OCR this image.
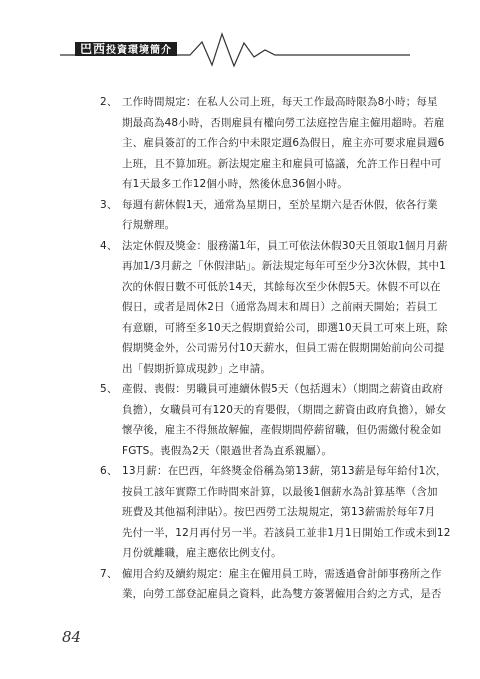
巴西投資環境簡介
2、 工作時間規定：在私人公司上班，每天工作最高時限為8小時；每星
期最高為48小時，否則雇員有權向勞工法庭控告雇主僱用超時。若雇
主、雇員簽訂的工作合約中未限定週6為假日，雇主亦可要求雇員週6
上班，且不算加班。新法規定雇主和雇員可協議，允許工作日程中可
有1天最多工作12個小時，然後休息36個小時。
3、 每週有薪休假1天，通常為星期日，至於星期六是否休假，依各行業
行規辦理。
4、 法定休假及獎金：服務滿1年，員工可依法休假30天且領取1個月月薪
再加1/3月薪之「休假津貼」。新法規定每年可至少分3次休假，其中1
次的休假日數不可低於14天，其餘每次至少休假5天。休假不可以在
假日，或者是周休2日（通常為周末和周日）之前兩天開始；若員工
有意願，可將至多10天之假期賣給公司，即選10天員工可來上班，除
假期獎金外，公司需另付10天薪水，但員工需在假期開始前向公司提
出「假期折算成現鈔」之申請。
5、 產假、喪假：男職員可連續休假5天（包括週末）（期間之薪資由政府
負擔），女職員可有120天的育嬰假，（期間之薪資由政府負擔），婦女
懷孕後，雇主不得無故解僱，產假期間停薪留職，但仍需繳付稅金如
FGTS。喪假為2天（限過世者為直系親屬）。
6、 13月薪：在巴西，年終獎金俗稱為第13薪，第13薪是每年給付1次，
按員工該年實際工作時間來計算，以最後1個薪水為計算基準（含加
班費及其他福利津貼）。按巴西勞工法規規定，第13薪需於每年7月
先付一半，12月再付另一半。若該員工並非1月1日開始工作或未到12
月份就離職，雇主應依比例支付。
7、 僱用合約及續約規定：雇主在僱用員工時，需透過會計師事務所之作
業，向勞工部登記雇員之資料，此為雙方簽署僱用合約之方式，是否
84
